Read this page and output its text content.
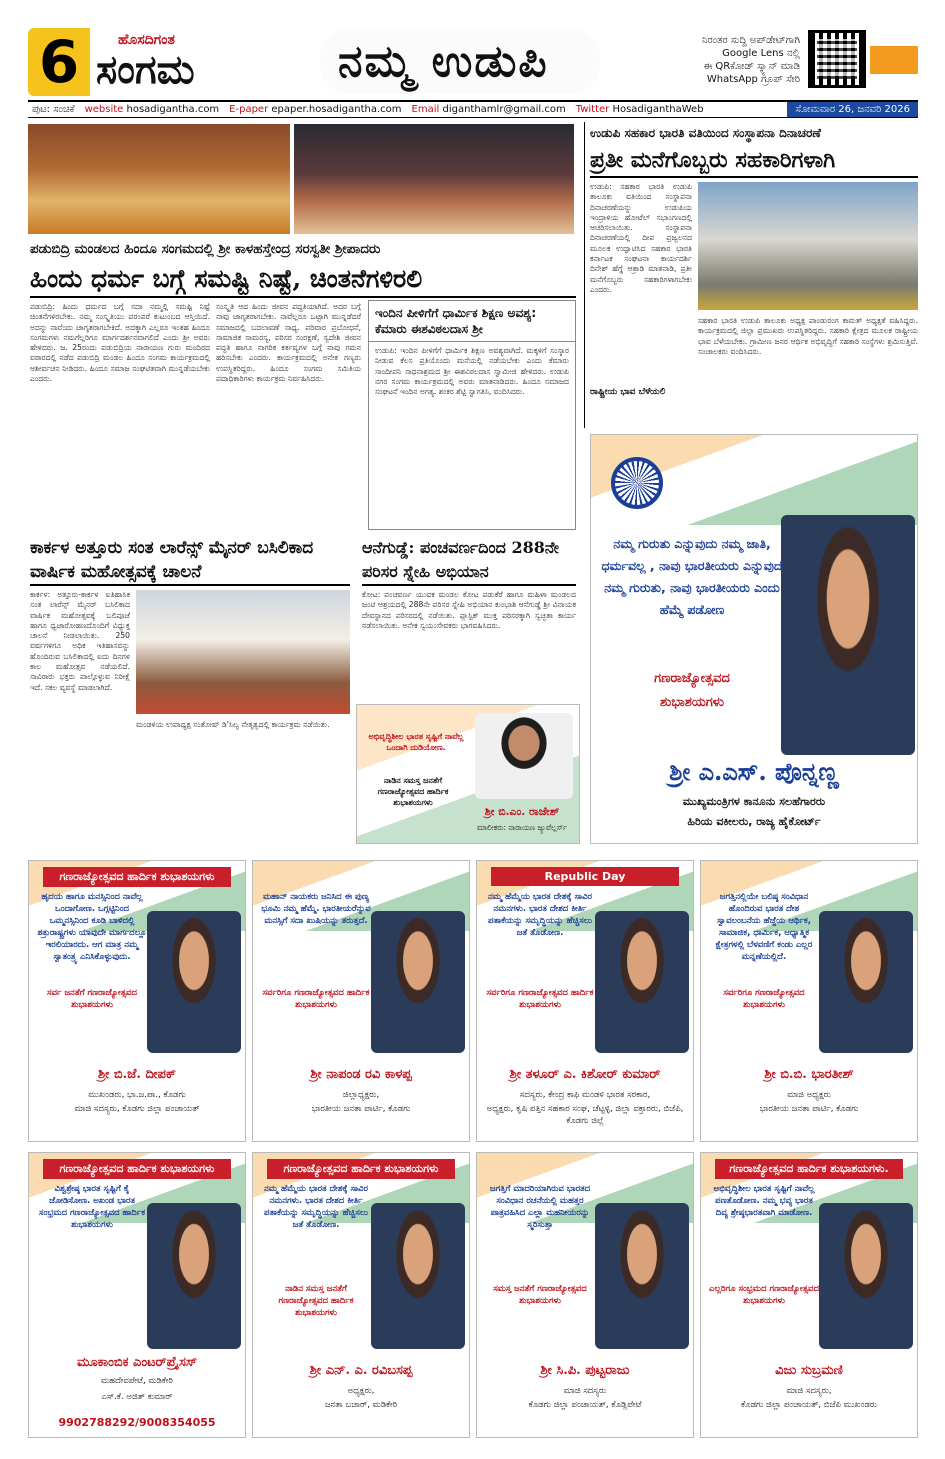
6	ಹೊಸದಿಗಂತ
ಸಂಗಮ	ನಮ್ಮ ಉಡುಪಿ	ನಿರಂತರ ಸುದ್ದಿ ಅಪ್‌ಡೇಟ್‌ಗಾಗಿ
Google Lens ನಲ್ಲಿ
ಈ QRಕೋಡ್ ಸ್ಕ್ಯಾನ್ ಮಾಡಿ
WhatsApp ಗ್ರೂಪ್ ಸೇರಿ
ಪುಟ: ಸಂಚಿಕೆ website hosadigantha.com E-paper epaper.hosadigantha.com Email diganthamlr@gmail.com Twitter HosadiganthaWeb	ಸೋಮವಾರ 26, ಜನವರಿ 2026
ಪಡುಬಿದ್ರಿ ಮಂಡಲದ ಹಿಂದೂ ಸಂಗಮದಲ್ಲಿ ಶ್ರೀ ಕಾಳಹಸ್ತೇಂದ್ರ ಸರಸ್ವತೀ ಶ್ರೀಪಾದರು
ಹಿಂದು ಧರ್ಮ ಬಗ್ಗೆ ಸಮಷ್ಟಿ ನಿಷ್ಟೆ, ಚಿಂತನೆಗಳಿರಲಿ
ಪಡುಬಿದ್ರಿ: ಹಿಂದು ಧರ್ಮದ ಬಗ್ಗೆ ಸದಾ ನಮ್ಮಲ್ಲಿ ಸಮಷ್ಟಿ ನಿಷ್ಟೆ ಚಿಂತನೆಗಳಿರಬೇಕು. ನಮ್ಮ ಸಂಸ್ಕೃತಿಯು ಪರಂಪರೆ ಕುಟುಂಬದ ಆಸ್ತಿಯಿದೆ. ಅದನ್ನು ನಾವೆಂದು ಜಾಗೃತರಾಗಬೇಕಿದೆ. ಅದಕ್ಕಾಗಿ ಎಲ್ಲರೂ ಇಂತಹ ಹಿಂದೂ ಸಂಗಮಗಳು ನಮಗೆಲ್ಲರಿಗೂ ಮಾರ್ಗದರ್ಶನವಾಗಲಿದೆ ಎಂದು ಶ್ರೀ ಅವರು ಹೇಳಿದರು. ಜ. 25ರಂದು ಪಡುಬಿದ್ರಿಯ ನಾರಾಯಣ ಗುರು ಮಂದಿರದ ವಠಾರದಲ್ಲಿ ನಡೆದ ಪಡುಬಿದ್ರಿ ಮಂಡಲ ಹಿಂದೂ ಸಂಗಮ ಕಾರ್ಯಕ್ರಮದಲ್ಲಿ ಆಶೀರ್ವಚನ ನೀಡಿದರು. ಹಿಂದೂ ಸಮಾಜ ಸಂಘಟಿತವಾಗಿ ಮುನ್ನಡೆಯಬೇಕು ಎಂದರು.
ಸಂಸ್ಕೃತಿ ಆದ ಹಿಂದು ಜೀವನ ಪದ್ಧತಿಯಾಗಿದೆ. ಅದರ ಬಗ್ಗೆ ನಾವು ಜಾಗೃತರಾಗಬೇಕು. ನಾವೆಲ್ಲರೂ ಒಟ್ಟಾಗಿ ಮುನ್ನಡೆದರೆ ಸಮಾಜದಲ್ಲಿ ಬದಲಾವಣೆ ಸಾಧ್ಯ. ಪರಿವಾರ ಪ್ರಬೋಧನೆ, ಸಾಮಾಜಿಕ ಸಾಮರಸ್ಯ, ಪರಿಸರ ಸಂರಕ್ಷಣೆ, ಸ್ವದೇಶಿ ಜೀವನ ಪದ್ಧತಿ ಹಾಗೂ ನಾಗರಿಕ ಕರ್ತವ್ಯಗಳ ಬಗ್ಗೆ ನಾವು ಗಮನ ಹರಿಸಬೇಕು ಎಂದರು. ಕಾರ್ಯಕ್ರಮದಲ್ಲಿ ಅನೇಕ ಗಣ್ಯರು ಉಪಸ್ಥಿತರಿದ್ದರು. ಹಿಂದೂ ಸಂಗಮ ಸಮಿತಿಯ ಪದಾಧಿಕಾರಿಗಳು ಕಾರ್ಯಕ್ರಮ ನಿರ್ವಹಿಸಿದರು.
ಇಂದಿನ ಪೀಳಿಗೆಗೆ ಧಾರ್ಮಿಕ ಶಿಕ್ಷಣ ಅವಶ್ಯ: ಕೆಮಾರು ಈಶವಿಠಲದಾಸ ಶ್ರೀ
ಉಡುಪಿ: ಇಂದಿನ ಪೀಳಿಗೆಗೆ ಧಾರ್ಮಿಕ ಶಿಕ್ಷಣ ಅವಶ್ಯವಾಗಿದೆ. ಮಕ್ಕಳಿಗೆ ಸಂಸ್ಕಾರ ನೀಡುವ ಕೆಲಸ ಪ್ರತಿಯೊಂದು ಮನೆಯಲ್ಲಿ ನಡೆಯಬೇಕು ಎಂದು ಕೆಮಾರು ಸಾಂದೀಪನಿ ಸಾಧನಾಶ್ರಮದ ಶ್ರೀ ಈಶವಿಠಲದಾಸ ಸ್ವಾಮೀಜಿ ಹೇಳಿದರು. ಉಡುಪಿ ನಗರ ಸಂಗಮ ಕಾರ್ಯಕ್ರಮದಲ್ಲಿ ಅವರು ಮಾತನಾಡಿದರು. ಹಿಂದೂ ಸಮಾಜದ ಸಂಘಟನೆ ಇಂದಿನ ಅಗತ್ಯ. ಶಂಕರ ಶೆಟ್ಟಿ ಸ್ವಾಗತಿಸಿ, ವಂದಿಸಿದರು.
ಉಡುಪಿ ಸಹಕಾರ ಭಾರತಿ ವತಿಯಿಂದ ಸಂಸ್ಥಾಪನಾ ದಿನಾಚರಣೆ
ಪ್ರತೀ ಮನೆಗೊಬ್ಬರು ಸಹಕಾರಿಗಳಾಗಿ
ಉಡುಪಿ: ಸಹಕಾರ ಭಾರತಿ ಉಡುಪಿ ತಾಲೂಕು ವತಿಯಿಂದ ಸಂಸ್ಥಾಪನಾ ದಿನಾಚರಣೆಯನ್ನು ಉಡುಪಿಯ ಇಂದ್ರಾಳಿಯ ಹೋಟೆಲ್ ಸಭಾಂಗಣದಲ್ಲಿ ಆಚರಿಸಲಾಯಿತು. ಸಂಸ್ಥಾಪನಾ ದಿನಾಚರಣೆಯಲ್ಲಿ ದೀಪ ಪ್ರಜ್ವಲನದ ಮೂಲಕ ಉದ್ಘಾಟಿಸಿದ ಸಹಕಾರ ಭಾರತಿ ಕರ್ನಾಟಕ ಸಂಘಟನಾ ಕಾರ್ಯದರ್ಶಿ ದಿನೇಶ್ ಹೆಗ್ಡೆ ಆತ್ರಾಡಿ ಮಾತನಾಡಿ, ಪ್ರತೀ ಮನೆಗೊಬ್ಬರು ಸಹಕಾರಿಗಳಾಗಬೇಕು ಎಂದರು.
ರಾಷ್ಟ್ರೀಯ ಭಾವ ಬೆಳೆಯಲಿ
ಸಹಕಾರ ಭಾರತಿ ಉಡುಪಿ ತಾಲೂಕು ಅಧ್ಯಕ್ಷ ಪಾಂಡುರಂಗ ಕಾಮತ್ ಅಧ್ಯಕ್ಷತೆ ವಹಿಸಿದ್ದರು. ಕಾರ್ಯಕ್ರಮದಲ್ಲಿ ಜಿಲ್ಲಾ ಪ್ರಮುಖರು ಉಪಸ್ಥಿತರಿದ್ದರು. ಸಹಕಾರಿ ಕ್ಷೇತ್ರದ ಮೂಲಕ ರಾಷ್ಟ್ರೀಯ ಭಾವ ಬೆಳೆಯಬೇಕು. ಗ್ರಾಮೀಣ ಜನರ ಆರ್ಥಿಕ ಅಭಿವೃದ್ಧಿಗೆ ಸಹಕಾರಿ ಸಂಸ್ಥೆಗಳು ಶ್ರಮಿಸುತ್ತಿವೆ. ಸಂಚಾಲಕರು ವಂದಿಸಿದರು.
ನಮ್ಮ ಗುರುತು ಎನ್ನುವುದು ನಮ್ಮ ಜಾತಿ, ಧರ್ಮವಲ್ಲ , ನಾವು ಭಾರತೀಯರು ಎನ್ನುವುದೆ ನಮ್ಮ ಗುರುತು, ನಾವು ಭಾರತೀಯರು ಎಂದು ಹೆಮ್ಮೆ ಪಡೋಣ
ಗಣರಾಜ್ಯೋತ್ಸವದ
ಶುಭಾಶಯಗಳು
ಶ್ರೀ ಎ.ಎಸ್. ಪೊನ್ನಣ್ಣ
ಮುಖ್ಯಮಂತ್ರಿಗಳ ಕಾನೂನು ಸಲಹೆಗಾರರು
ಹಿರಿಯ ವಕೀಲರು, ರಾಜ್ಯ ಹೈಕೋರ್ಟ್
ಕಾರ್ಕಳ ಅತ್ತೂರು ಸಂತ ಲಾರೆನ್ಸ್ ಮೈನರ್ ಬಸಿಲಿಕಾದ ವಾರ್ಷಿಕ ಮಹೋತ್ಸವಕ್ಕೆ ಚಾಲನೆ
ಕಾರ್ಕಳ: ಅತ್ತೂರು-ಕಾರ್ಕಳ ಐತಿಹಾಸಿಕ ಸಂತ ಲಾರೆನ್ಸ್ ಮೈನರ್ ಬಸಿಲಿಕಾದ ವಾರ್ಷಿಕ ಮಹೋತ್ಸವಕ್ಕೆ ಬಲಿಪೂಜೆ ಹಾಗೂ ಧ್ವಜಾರೋಹಣದೊಂದಿಗೆ ವಿಧ್ಯುಕ್ತ ಚಾಲನೆ ನೀಡಲಾಯಿತು. 250 ವರ್ಷಗಳಿಗೂ ಅಧಿಕ ಇತಿಹಾಸವನ್ನು ಹೊಂದಿರುವ ಬಸಿಲಿಕಾದಲ್ಲಿ ಐದು ದಿನಗಳ ಕಾಲ ಮಹೋತ್ಸವ ನಡೆಯಲಿದೆ. ಸಾವಿರಾರು ಭಕ್ತರು ಪಾಲ್ಗೊಳ್ಳುವ ನಿರೀಕ್ಷೆ ಇದೆ. ಸಕಲ ವ್ಯವಸ್ಥೆ ಮಾಡಲಾಗಿದೆ.
ಮಂಡಳಿಯ ಉಪಾಧ್ಯಕ್ಷ ಸಂತೋಷ್ ಡಿ'ಸಿಲ್ವ ನೇತೃತ್ವದಲ್ಲಿ ಕಾರ್ಯಕ್ರಮ ನಡೆಯಿತು.
ಆನೆಗುಡ್ಡೆ: ಪಂಚವರ್ಣದಿಂದ 288ನೇ ಪರಿಸರ ಸ್ನೇಹಿ ಅಭಿಯಾನ
ಕೋಟ: ಪಂಚವರ್ಣ ಯುವಕ ಮಂಡಲ ಕೋಟ ಪಡುಕೆರೆ ಹಾಗೂ ಮಹಿಳಾ ಮಂಡಲದ ಜಂಟಿ ಆಶ್ರಯದಲ್ಲಿ 288ನೇ ಪರಿಸರ ಸ್ನೇಹಿ ಅಭಿಯಾನ ಕುಂಭಾಶಿ ಆನೆಗುಡ್ಡೆ ಶ್ರೀ ವಿನಾಯಕ ದೇವಸ್ಥಾನದ ಪರಿಸರದಲ್ಲಿ ನಡೆಯಿತು. ಪ್ಲಾಸ್ಟಿಕ್ ಮುಕ್ತ ಪರಿಸರಕ್ಕಾಗಿ ಸ್ವಚ್ಛತಾ ಕಾರ್ಯ ನಡೆಸಲಾಯಿತು. ಅನೇಕ ಸ್ವಯಂಸೇವಕರು ಭಾಗವಹಿಸಿದರು.
ಅಭಿವೃದ್ಧಿಶೀಲ ಭಾರತ ಸೃಷ್ಟಿಗೆ ನಾವೆಲ್ಲ ಒಂದಾಗಿ ದುಡಿಯೋಣ.
ನಾಡಿನ ಸಮಸ್ತ ಜನತೆಗೆ ಗಣರಾಜ್ಯೋತ್ಸವದ ಹಾರ್ದಿಕ ಶುಭಾಶಯಗಳು
ಶ್ರೀ ಬಿ.ಎಂ. ರಾಜೇಶ್
ಮಾಲೀಕರು: ನಾರಾಯಣ ಜ್ಯುವೆಲ್ಲರ್ಸ್
ಗಣರಾಜ್ಯೋತ್ಸವದ ಹಾರ್ದಿಕ ಶುಭಾಶಯಗಳು
ಹೃದಯ ಹಾಗೂ ಮನಸ್ಸಿನಿಂದ ನಾವೆಲ್ಲ ಒಂದಾಗೋಣ. ಒಗ್ಗಟ್ಟಿನಿಂದ ಒಮ್ಮನಸ್ಸಿನಿಂದ ಕೂಡಿ ಬಾಳಿದಲ್ಲಿ ಶತ್ರುರಾಷ್ಟ್ರಗಳು ಯಾವುದೇ ಮಾರ್ಗದಲ್ಲೂ ಇರಲಿಯಾರದು. ಆಗ ಮಾತ್ರ ನಮ್ಮ ಸ್ವಾತಂತ್ರ್ಯ ಎನಿಸಿಕೊಳ್ಳುವುದು.
ಸರ್ವ ಜನತೆಗೆ ಗಣರಾಜ್ಯೋತ್ಸವದ ಶುಭಾಶಯಗಳು
ಶ್ರೀ ಬಿ.ಜೆ. ದೀಪಕ್
ಮುಖಂಡರು, ಭಾ.ಜ.ಪಾ., ಕೊಡಗು
ಮಾಜಿ ಸದಸ್ಯರು, ಕೊಡಗು ಜಿಲ್ಲಾ ಪಂಚಾಯತ್
ಮಹಾನ್ ನಾಯಕರು ಜನಿಸಿದ ಈ ಪುಣ್ಯ ಭೂಮಿ ನಮ್ಮ ಹೆಮ್ಮೆ. ಭಾರತೀಯರೆನ್ನುವ ಮನಸ್ಸಿಗೆ ಸದಾ ಖುಷಿಯನ್ನು ತರುತ್ತದೆ.
ಸರ್ವರಿಗೂ ಗಣರಾಜ್ಯೋತ್ಸವದ ಹಾರ್ದಿಕ ಶುಭಾಶಯಗಳು
ಶ್ರೀ ನಾಪಂಡ ರವಿ ಕಾಳಪ್ಪ
ಜಿಲ್ಲಾಧ್ಯಕ್ಷರು,
ಭಾರತೀಯ ಜನತಾ ಪಾರ್ಟಿ, ಕೊಡಗು
Republic Day
ನಮ್ಮ ಹೆಮ್ಮೆಯ ಭಾರತ ದೇಶಕ್ಕೆ ಸಾವಿರ ನಮನಗಳು. ಭಾರತ ದೇಶದ ಕೀರ್ತಿ ಪತಾಕೆಯನ್ನು ಸಮೃದ್ಧಿಯನ್ನು ಹೆಚ್ಚಿಸಲು ಜತೆ ತೊಡೋಣ.
ಸರ್ವರಿಗೂ ಗಣರಾಜ್ಯೋತ್ಸವದ ಹಾರ್ದಿಕ ಶುಭಾಶಯಗಳು
ಶ್ರೀ ತಳೂರ್ ಎ. ಕಿಶೋರ್ ಕುಮಾರ್
ಸದಸ್ಯರು, ಕೇಂದ್ರ ಕಾಫಿ ಮಂಡಳಿ ಭಾರತ ಸರಕಾರ,
ಅಧ್ಯಕ್ಷರು, ಕೃಷಿ ಪತ್ತಿನ ಸಹಕಾರ ಸಂಘ, ಚೆಟ್ಟಳ್ಳಿ, ಜಿಲ್ಲಾ ವಕ್ತಾರರು, ಬಿಜೆಪಿ, ಕೊಡಗು ಜಿಲ್ಲೆ
ಜಗತ್ತಿನಲ್ಲಿಯೇ ಬಲಿಷ್ಠ ಸಂವಿಧಾನ ಹೊಂದಿರುವ ಭಾರತ ದೇಶ ಸ್ವಾವಲಂಬನೆಯ ಹೆಜ್ಜೆಯ ಆರ್ಥಿಕ, ಸಾಮಾಜಿಕ, ಧಾರ್ಮಿಕ, ಆಧ್ಯಾತ್ಮಿಕ ಕ್ಷೇತ್ರಗಳಲ್ಲಿ ಬೆಳವಣಿಗೆ ಕಂಡು ಎಲ್ಲರ ಮನ್ನಣೆಯಲ್ಲಿದೆ.
ಸರ್ವರಿಗೂ ಗಣರಾಜ್ಯೋತ್ಸವದ ಶುಭಾಶಯಗಳು
ಶ್ರೀ ಬಿ.ಬಿ. ಭಾರತೀಶ್
ಮಾಜಿ ಅಧ್ಯಕ್ಷರು
ಭಾರತೀಯ ಜನತಾ ಪಾರ್ಟಿ, ಕೊಡಗು
ಗಣರಾಜ್ಯೋತ್ಸವದ ಹಾರ್ದಿಕ ಶುಭಾಶಯಗಳು
ವಿಶ್ವಶ್ರೇಷ್ಠ ಭಾರತ ಸೃಷ್ಟಿಗೆ ಕೈ ಜೋಡಿಸೋಣ. ಅಖಂಡ ಭಾರತ ಸಂಭ್ರಮದ ಗಣರಾಜ್ಯೋತ್ಸವದ ಹಾರ್ದಿಕ ಶುಭಾಶಯಗಳು
ಮೂಕಾಂಬಿಕ ಎಂಟರ್‌ಪ್ರೈಸಸ್
ಮಹದೇವಪೇಟೆ, ಮಡಿಕೇರಿ
ಎಸ್.ಕೆ. ಅಜಿತ್ ಕುಮಾರ್
9902788292/9008354055
ಗಣರಾಜ್ಯೋತ್ಸವದ ಹಾರ್ದಿಕ ಶುಭಾಶಯಗಳು
ನಮ್ಮ ಹೆಮ್ಮೆಯ ಭಾರತ ದೇಶಕ್ಕೆ ಸಾವಿರ ನಮನಗಳು. ಭಾರತ ದೇಶದ ಕೀರ್ತಿ ಪತಾಕೆಯನ್ನು ಸಮೃದ್ಧಿಯನ್ನು ಹೆಚ್ಚಿಸಲು ಜತೆ ತೊಡೋಣ.
ನಾಡಿನ ಸಮಸ್ತ ಜನತೆಗೆ ಗಣರಾಜ್ಯೋತ್ಸವದ ಹಾರ್ದಿಕ ಶುಭಾಶಯಗಳು
ಶ್ರೀ ಎನ್. ಎ. ರವಿಬಸಪ್ಪ
ಅಧ್ಯಕ್ಷರು,
ಜನತಾ ಬಜಾರ್, ಮಡಿಕೇರಿ
ಜಗತ್ತಿಗೆ ಮಾದರಿಯಾಗಿರುವ ಭಾರತದ ಸಂವಿಧಾನ ರಚನೆಯಲ್ಲಿ ಮಹತ್ತರ ಪಾತ್ರವಹಿಸಿದ ಎಲ್ಲಾ ಮಹನೀಯರನ್ನು ಸ್ಮರಿಸುತ್ತಾ
ಸಮಸ್ತ ಜನತೆಗೆ ಗಣರಾಜ್ಯೋತ್ಸವದ ಶುಭಾಶಯಗಳು
ಶ್ರೀ ಸಿ.ಪಿ. ಪುಟ್ಟರಾಜು
ಮಾಜಿ ಸದಸ್ಯರು
ಕೊಡಗು ಜಿಲ್ಲಾ ಪಂಚಾಯತ್, ಕೊಡ್ಲಿಪೇಟೆ
ಗಣರಾಜ್ಯೋತ್ಸವದ ಹಾರ್ದಿಕ ಶುಭಾಶಯಗಳು.
ಅಭಿವೃದ್ಧಿಶೀಲ ಭಾರತ ಸೃಷ್ಟಿಗೆ ನಾವೆಲ್ಲ ಪಣತೊಡೋಣ. ನಮ್ಮ ಭವ್ಯ ಭಾರತ ದಿವ್ಯ ಶ್ರೇಷ್ಠಭಾರತವಾಗಿ ಮಾಡೋಣ.
ಎಲ್ಲರಿಗೂ ಸಂಭ್ರಮದ ಗಣರಾಜ್ಯೋತ್ಸವದ ಶುಭಾಶಯಗಳು
ವಿಜು ಸುಬ್ರಮಣಿ
ಮಾಜಿ ಸದಸ್ಯರು,
ಕೊಡಗು ಜಿಲ್ಲಾ ಪಂಚಾಯತ್, ಬಿಜೆಪಿ ಮುಖಂಡರು
